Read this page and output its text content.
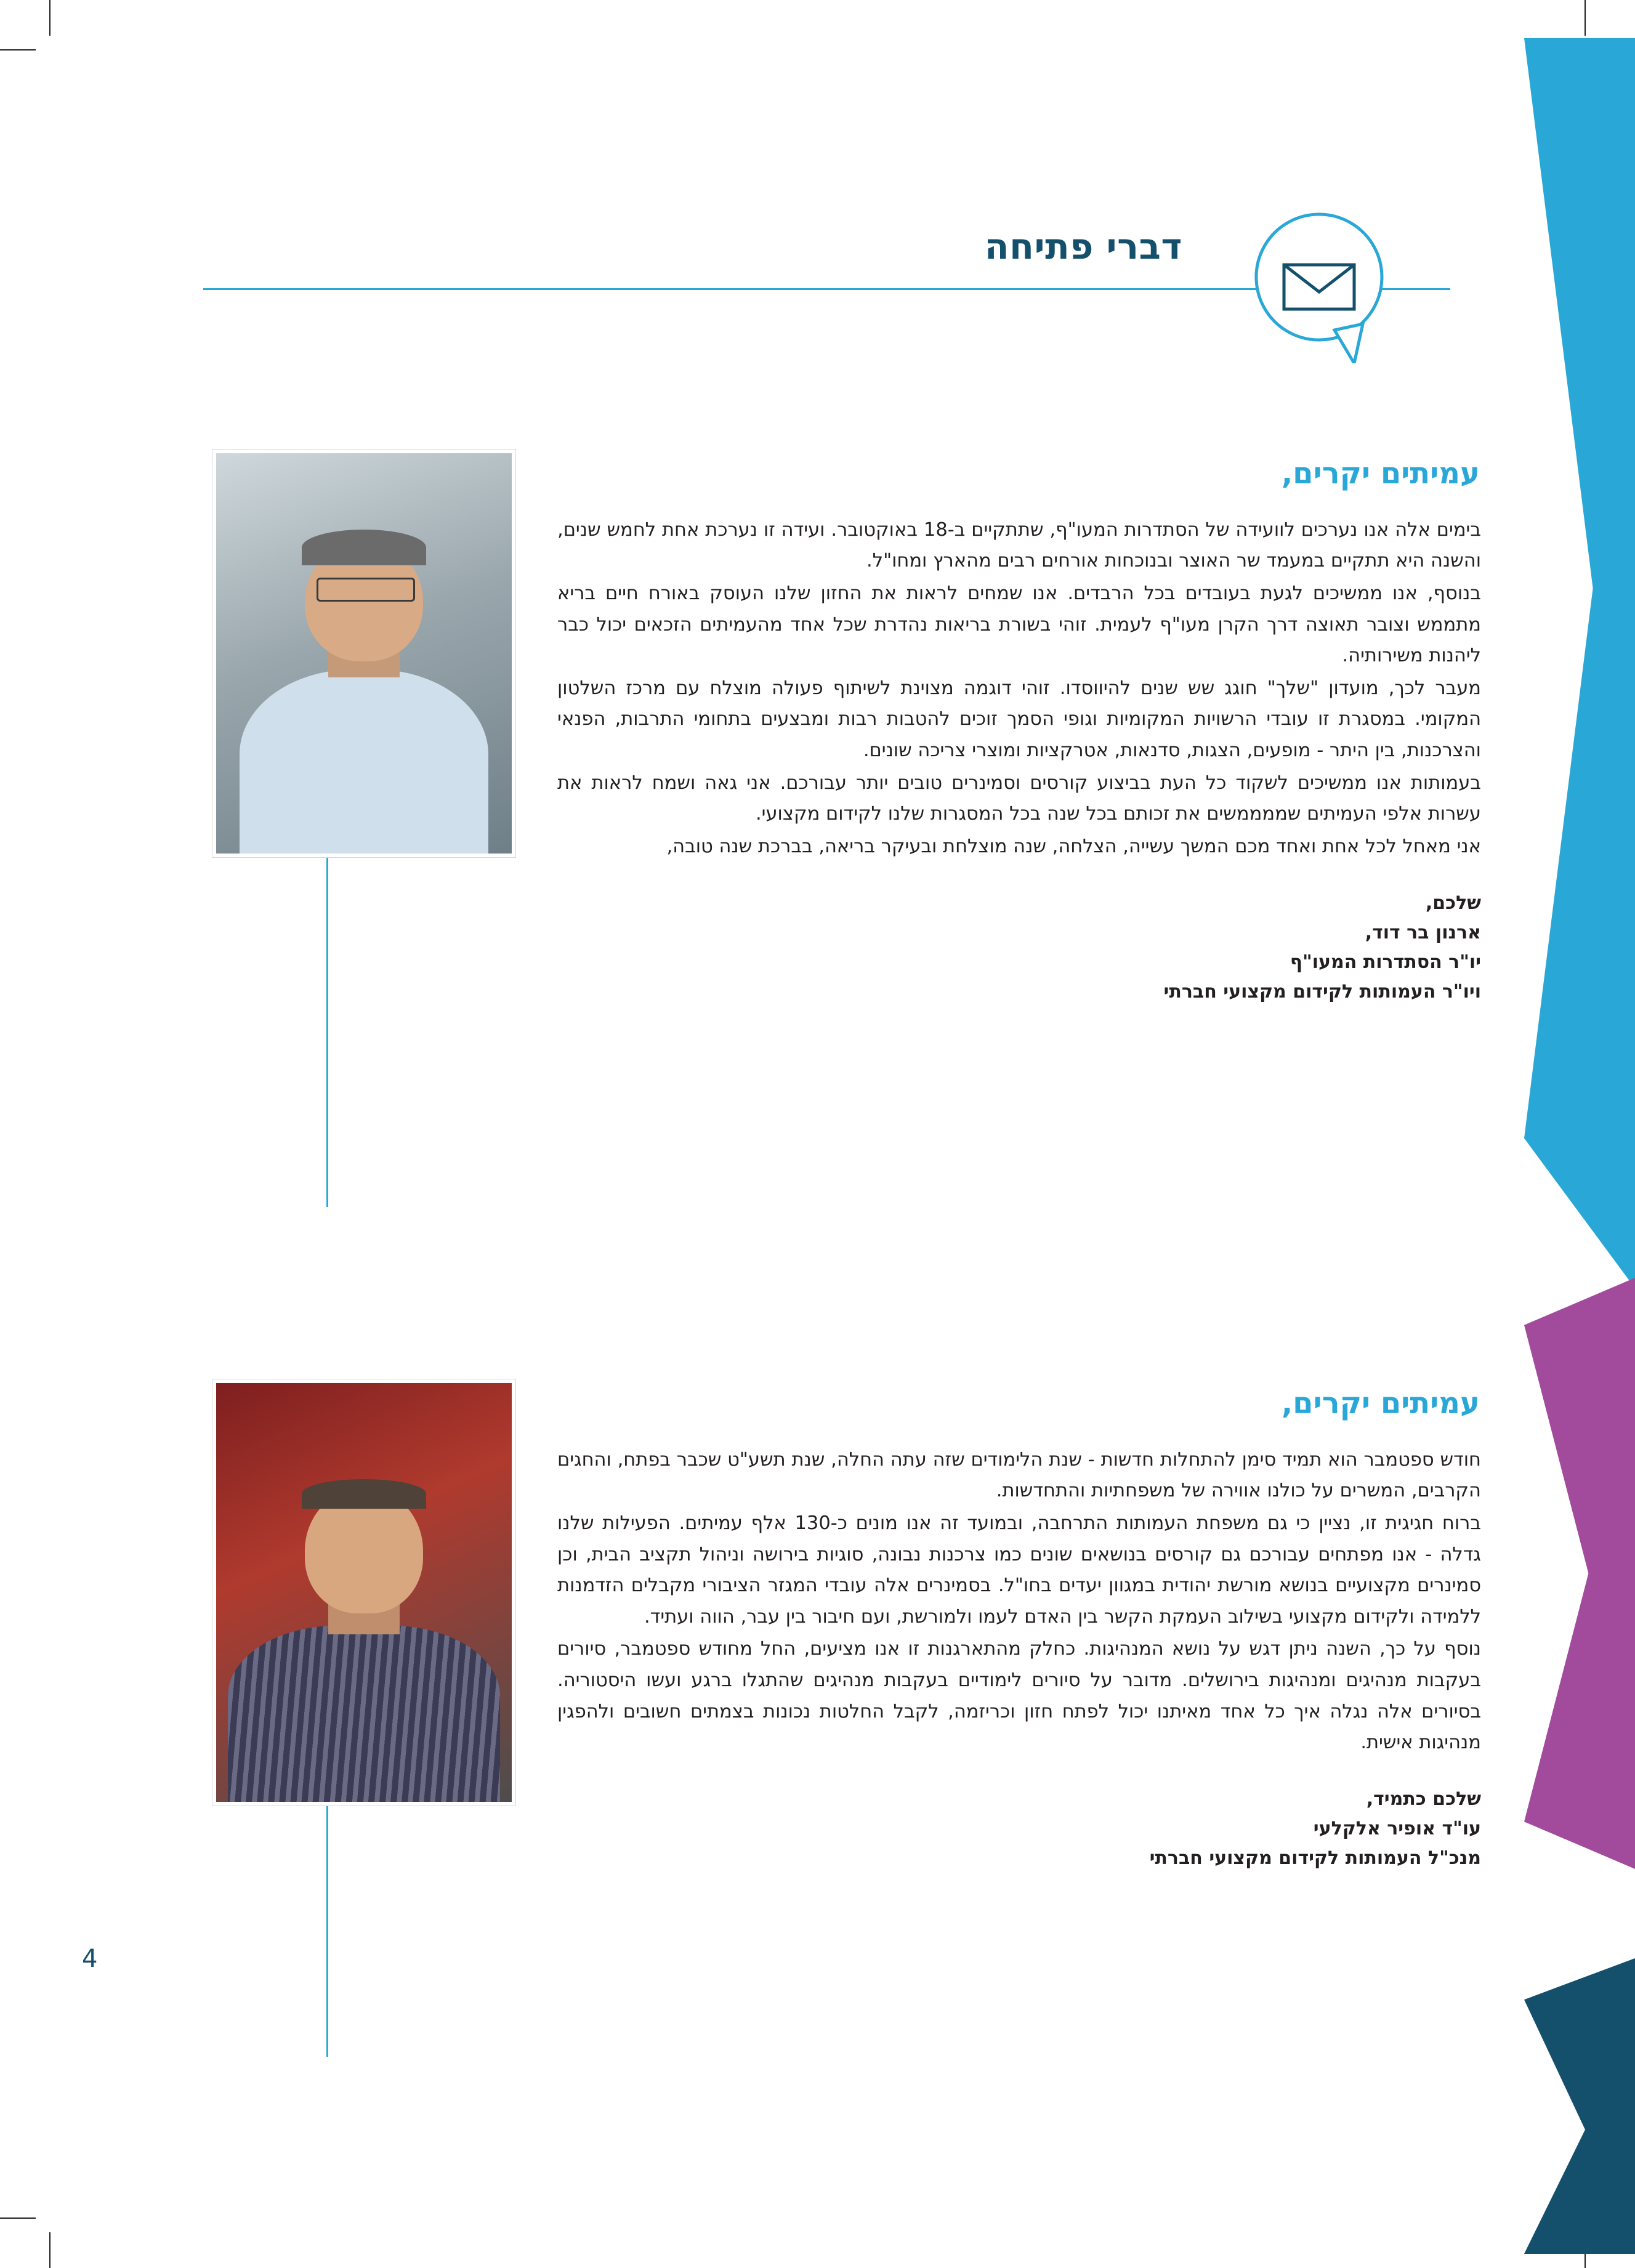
דברי פתיחה
עמיתים יקרים,

בימים אלה אנו נערכים לוועידה של הסתדרות המעו"ף, שתתקיים ב-18 באוקטובר. ועידה זו נערכת אחת לחמש שנים, והשנה היא תתקיים במעמד שר האוצר ובנוכחות אורחים רבים מהארץ ומחו"ל.

בנוסף, אנו ממשיכים לגעת בעובדים בכל הרבדים. אנו שמחים לראות את החזון שלנו העוסק באורח חיים בריא מתממש וצובר תאוצה דרך הקרן מעו"ף לעמית. זוהי בשורת בריאות נהדרת שכל אחד מהעמיתים הזכאים יכול כבר ליהנות משירותיה.

מעבר לכך, מועדון "שלך" חוגג שש שנים להיווסדו. זוהי דוגמה מצוינת לשיתוף פעולה מוצלח עם מרכז השלטון המקומי. במסגרת זו עובדי הרשויות המקומיות וגופי הסמך זוכים להטבות רבות ומבצעים בתחומי התרבות, הפנאי והצרכנות, בין היתר - מופעים, הצגות, סדנאות, אטרקציות ומוצרי צריכה שונים.

בעמותות אנו ממשיכים לשקוד כל העת בביצוע קורסים וסמינרים טובים יותר עבורכם. אני גאה ושמח לראות את עשרות אלפי העמיתים שממממשים את זכותם בכל שנה בכל המסגרות שלנו לקידום מקצועי.

אני מאחל לכל אחת ואחד מכם המשך עשייה, הצלחה, שנה מוצלחת ובעיקר בריאה, בברכת שנה טובה,

שלכם,
ארנון בר דוד,
יו"ר הסתדרות המעו"ף
ויו"ר העמותות לקידום מקצועי חברתי
עמיתים יקרים,

חודש ספטמבר הוא תמיד סימן להתחלות חדשות - שנת הלימודים שזה עתה החלה, שנת תשע"ט שכבר בפתח, והחגים הקרבים, המשרים על כולנו אווירה של משפחתיות והתחדשות.

ברוח חגיגית זו, נציין כי גם משפחת העמותות התרחבה, ובמועד זה אנו מונים כ-130 אלף עמיתים. הפעילות שלנו גדלה - אנו מפתחים עבורכם גם קורסים בנושאים שונים כמו צרכנות נבונה, סוגיות בירושה וניהול תקציב הבית, וכן סמינרים מקצועיים בנושא מורשת יהודית במגוון יעדים בחו"ל. בסמינרים אלה עובדי המגזר הציבורי מקבלים הזדמנות ללמידה ולקידום מקצועי בשילוב העמקת הקשר בין האדם לעמו ולמורשת, ועם חיבור בין עבר, הווה ועתיד.

נוסף על כך, השנה ניתן דגש על נושא המנהיגות. כחלק מהתארגנות זו אנו מציעים, החל מחודש ספטמבר, סיורים בעקבות מנהיגים ומנהיגות בירושלים. מדובר על סיורים לימודיים בעקבות מנהיגים שהתגלו ברגע ועשו היסטוריה. בסיורים אלה נגלה איך כל אחד מאיתנו יכול לפתח חזון וכריזמה, לקבל החלטות נכונות בצמתים חשובים ולהפגין מנהיגות אישית.

שלכם כתמיד,
עו"ד אופיר אלקלעי
מנכ"ל העמותות לקידום מקצועי חברתי
4
